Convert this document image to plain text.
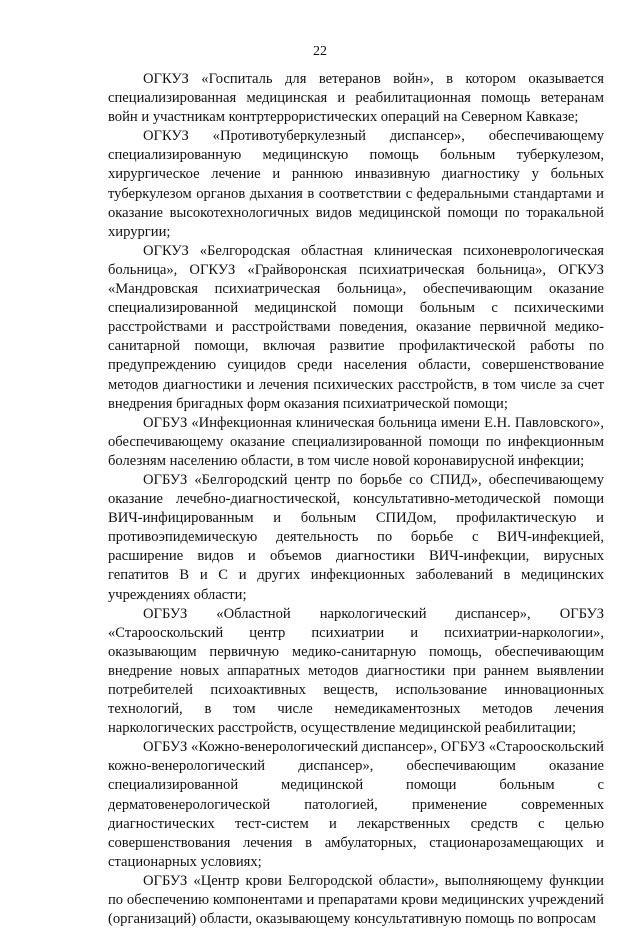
22

ОГКУЗ «Госпиталь для ветеранов войн», в котором оказывается специализированная медицинская и реабилитационная помощь ветеранам войн и участникам контртеррористических операций на Северном Кавказе;

ОГКУЗ «Противотуберкулезный диспансер», обеспечивающему специализированную медицинскую помощь больным туберкулезом, хирургическое лечение и раннюю инвазивную диагностику у больных туберкулезом органов дыхания в соответствии с федеральными стандартами и оказание высокотехнологичных видов медицинской помощи по торакальной хирургии;

ОГКУЗ «Белгородская областная клиническая психоневрологическая больница», ОГКУЗ «Грайворонская психиатрическая больница», ОГКУЗ «Мандровская психиатрическая больница», обеспечивающим оказание специализированной медицинской помощи больным с психическими расстройствами и расстройствами поведения, оказание первичной медико-санитарной помощи, включая развитие профилактической работы по предупреждению суицидов среди населения области, совершенствование методов диагностики и лечения психических расстройств, в том числе за счет внедрения бригадных форм оказания психиатрической помощи;

ОГБУЗ «Инфекционная клиническая больница имени Е.Н. Павловского», обеспечивающему оказание специализированной помощи по инфекционным болезням населению области, в том числе новой коронавирусной инфекции;

ОГБУЗ «Белгородский центр по борьбе со СПИД», обеспечивающему оказание лечебно-диагностической, консультативно-методической помощи ВИЧ-инфицированным и больным СПИДом, профилактическую и противоэпидемическую деятельность по борьбе с ВИЧ-инфекцией, расширение видов и объемов диагностики ВИЧ-инфекции, вирусных гепатитов В и С и других инфекционных заболеваний в медицинских учреждениях области;

ОГБУЗ «Областной наркологический диспансер», ОГБУЗ «Старооскольский центр психиатрии и психиатрии-наркологии», оказывающим первичную медико-санитарную помощь, обеспечивающим внедрение новых аппаратных методов диагностики при раннем выявлении потребителей психоактивных веществ, использование инновационных технологий, в том числе немедикаментозных методов лечения наркологических расстройств, осуществление медицинской реабилитации;

ОГБУЗ «Кожно-венерологический диспансер», ОГБУЗ «Старооскольский кожно-венерологический диспансер», обеспечивающим оказание специализированной медицинской помощи больным с дерматовенерологической патологией, применение современных диагностических тест-систем и лекарственных средств с целью совершенствования лечения в амбулаторных, стационарозамещающих и стационарных условиях;

ОГБУЗ «Центр крови Белгородской области», выполняющему функции по обеспечению компонентами и препаратами крови медицинских учреждений (организаций) области, оказывающему консультативную помощь по вопросам
